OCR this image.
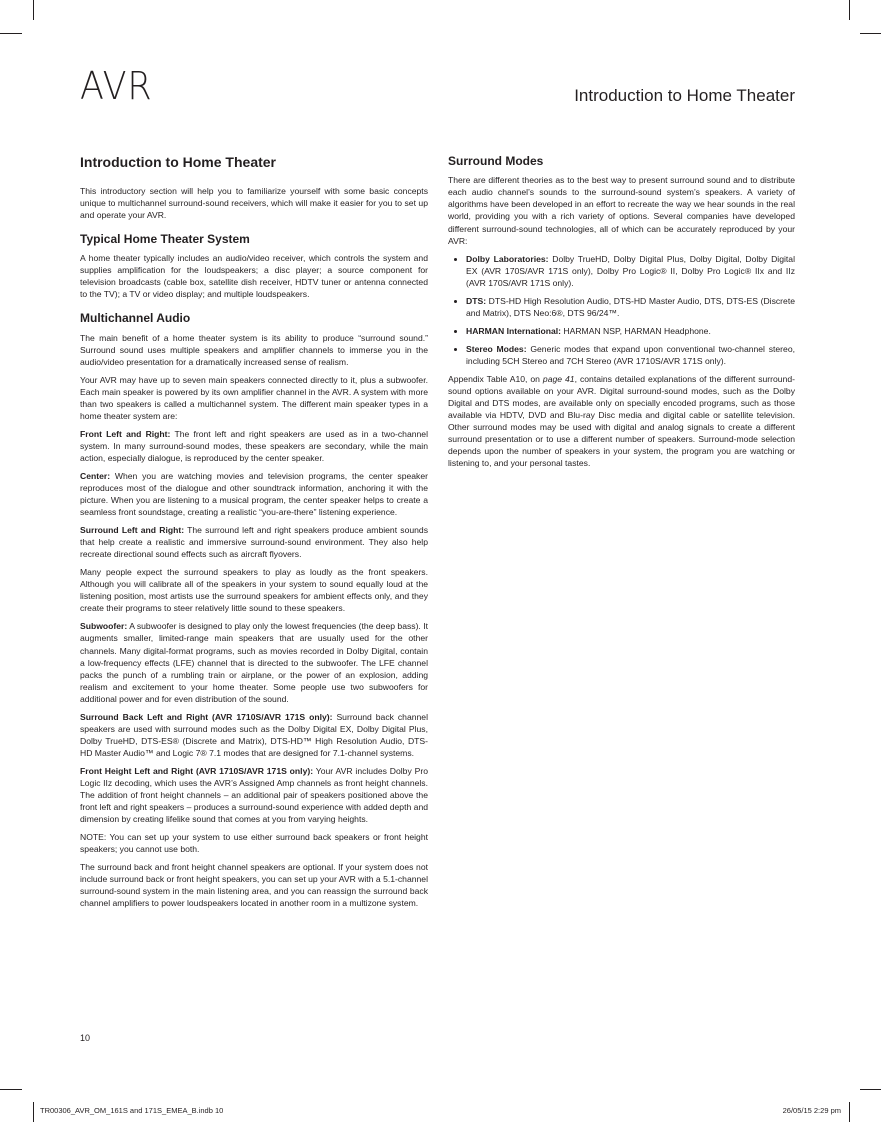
AVR	Introduction to Home Theater
Introduction to Home Theater

This introductory section will help you to familiarize yourself with some basic concepts unique to multichannel surround-sound receivers, which will make it easier for you to set up and operate your AVR.

Typical Home Theater System

A home theater typically includes an audio/video receiver, which controls the system and supplies amplification for the loudspeakers; a disc player; a source component for television broadcasts (cable box, satellite dish receiver, HDTV tuner or antenna connected to the TV); a TV or video display; and multiple loudspeakers.

Multichannel Audio

The main benefit of a home theater system is its ability to produce “surround sound.” Surround sound uses multiple speakers and amplifier channels to immerse you in the audio/video presentation for a dramatically increased sense of realism.

Your AVR may have up to seven main speakers connected directly to it, plus a subwoofer. Each main speaker is powered by its own amplifier channel in the AVR. A system with more than two speakers is called a multichannel system. The different main speaker types in a home theater system are:

Front Left and Right: The front left and right speakers are used as in a two-channel system. In many surround-sound modes, these speakers are secondary, while the main action, especially dialogue, is reproduced by the center speaker.

Center: When you are watching movies and television programs, the center speaker reproduces most of the dialogue and other soundtrack information, anchoring it with the picture. When you are listening to a musical program, the center speaker helps to create a seamless front soundstage, creating a realistic “you-are-there” listening experience.

Surround Left and Right: The surround left and right speakers produce ambient sounds that help create a realistic and immersive surround-sound environment. They also help recreate directional sound effects such as aircraft flyovers.

Many people expect the surround speakers to play as loudly as the front speakers. Although you will calibrate all of the speakers in your system to sound equally loud at the listening position, most artists use the surround speakers for ambient effects only, and they create their programs to steer relatively little sound to these speakers.

Subwoofer: A subwoofer is designed to play only the lowest frequencies (the deep bass). It augments smaller, limited-range main speakers that are usually used for the other channels. Many digital-format programs, such as movies recorded in Dolby Digital, contain a low-frequency effects (LFE) channel that is directed to the subwoofer. The LFE channel packs the punch of a rumbling train or airplane, or the power of an explosion, adding realism and excitement to your home theater. Some people use two subwoofers for additional power and for even distribution of the sound.

Surround Back Left and Right (AVR 1710S/AVR 171S only): Surround back channel speakers are used with surround modes such as the Dolby Digital EX, Dolby Digital Plus, Dolby TrueHD, DTS-ES® (Discrete and Matrix), DTS-HD™ High Resolution Audio, DTS-HD Master Audio™ and Logic 7® 7.1 modes that are designed for 7.1-channel systems.

Front Height Left and Right (AVR 1710S/AVR 171S only): Your AVR includes Dolby Pro Logic IIz decoding, which uses the AVR’s Assigned Amp channels as front height channels. The addition of front height channels – an additional pair of speakers positioned above the front left and right speakers – produces a surround-sound experience with added depth and dimension by creating lifelike sound that comes at you from varying heights.

NOTE: You can set up your system to use either surround back speakers or front height speakers; you cannot use both.

The surround back and front height channel speakers are optional. If your system does not include surround back or front height speakers, you can set up your AVR with a 5.1-channel surround-sound system in the main listening area, and you can reassign the surround back channel amplifiers to power loudspeakers located in another room in a multizone system.

Surround Modes

There are different theories as to the best way to present surround sound and to distribute each audio channel’s sounds to the surround-sound system’s speakers. A variety of algorithms have been developed in an effort to recreate the way we hear sounds in the real world, providing you with a rich variety of options. Several companies have developed different surround-sound technologies, all of which can be accurately reproduced by your AVR:

• Dolby Laboratories: Dolby TrueHD, Dolby Digital Plus, Dolby Digital, Dolby Digital EX (AVR 170S/AVR 171S only), Dolby Pro Logic® II, Dolby Pro Logic® IIx and IIz (AVR 170S/AVR 171S only).
• DTS: DTS-HD High Resolution Audio, DTS-HD Master Audio, DTS, DTS-ES (Discrete and Matrix), DTS Neo:6®, DTS 96/24™.
• HARMAN International: HARMAN NSP, HARMAN Headphone.
• Stereo Modes: Generic modes that expand upon conventional two-channel stereo, including 5CH Stereo and 7CH Stereo (AVR 1710S/AVR 171S only).

Appendix Table A10, on page 41, contains detailed explanations of the different surround-sound options available on your AVR. Digital surround-sound modes, such as the Dolby Digital and DTS modes, are available only on specially encoded programs, such as those available via HDTV, DVD and Blu-ray Disc media and digital cable or satellite television. Other surround modes may be used with digital and analog signals to create a different surround presentation or to use a different number of speakers. Surround-mode selection depends upon the number of speakers in your system, the program you are watching or listening to, and your personal tastes.

10
TR00306_AVR_OM_161S and 171S_EMEA_B.indb 10	26/05/15 2:29 pm
